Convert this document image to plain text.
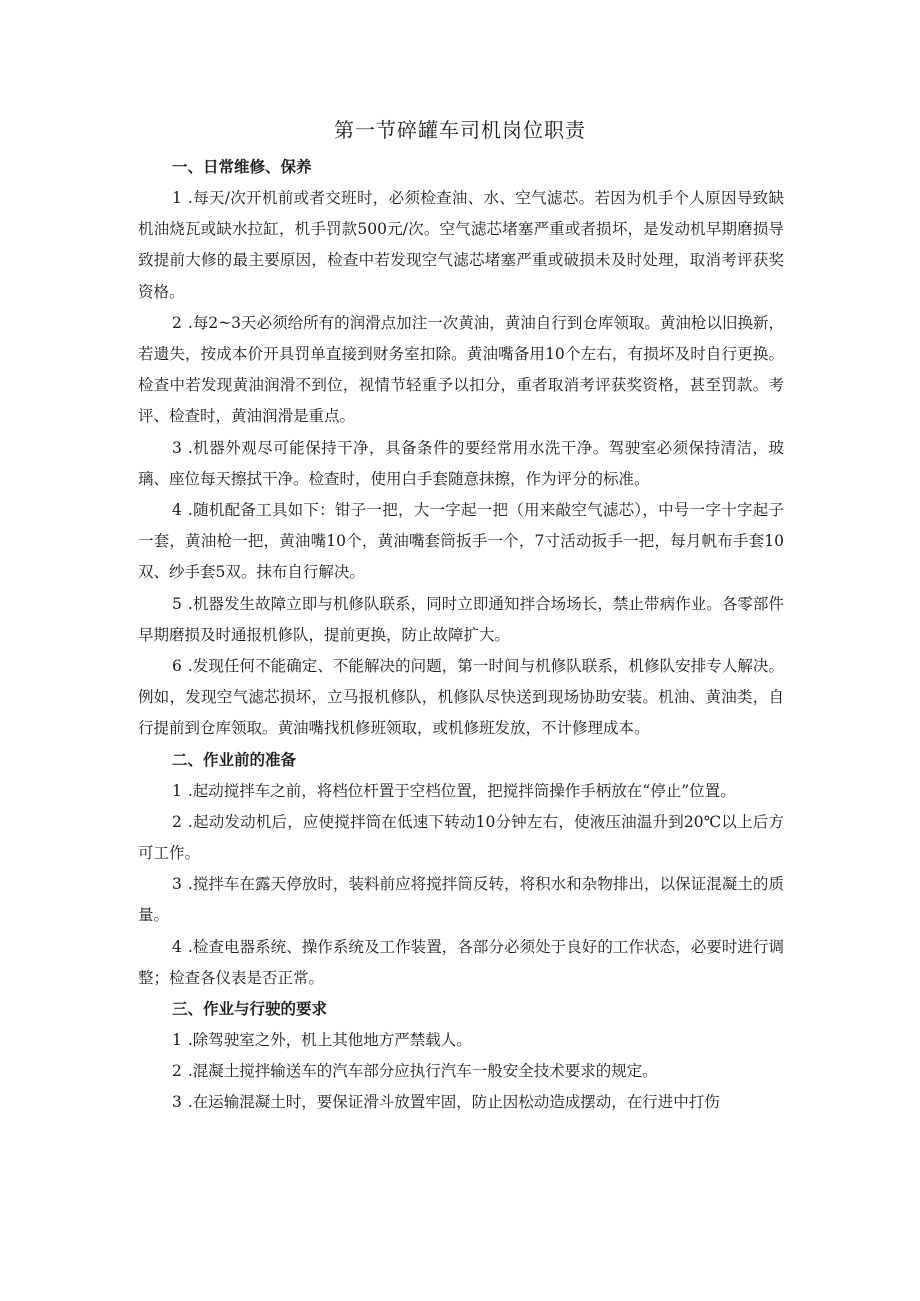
第一节碎罐车司机岗位职责

一、日常维修、保养

1 .每天/次开机前或者交班时，必须检查油、水、空气滤芯。若因为机手个人原因导致缺机油烧瓦或缺水拉缸，机手罚款500元/次。空气滤芯堵塞严重或者损坏，是发动机早期磨损导致提前大修的最主要原因，检查中若发现空气滤芯堵塞严重或破损未及时处理，取消考评获奖资格。

2 .每2~3天必须给所有的润滑点加注一次黄油，黄油自行到仓库领取。黄油枪以旧换新，若遗失，按成本价开具罚单直接到财务室扣除。黄油嘴备用10个左右，有损坏及时自行更换。检查中若发现黄油润滑不到位，视情节轻重予以扣分，重者取消考评获奖资格，甚至罚款。考评、检查时，黄油润滑是重点。

3 .机器外观尽可能保持干净，具备条件的要经常用水洗干净。驾驶室必须保持清洁，玻璃、座位每天擦拭干净。检查时，使用白手套随意抹擦，作为评分的标准。

4 .随机配备工具如下：钳子一把，大一字起一把（用来敲空气滤芯），中号一字十字起子一套，黄油枪一把，黄油嘴10个，黄油嘴套筒扳手一个，7寸活动扳手一把，每月帆布手套10双、纱手套5双。抹布自行解决。

5 .机器发生故障立即与机修队联系，同时立即通知拌合场场长，禁止带病作业。各零部件早期磨损及时通报机修队，提前更换，防止故障扩大。

6 .发现任何不能确定、不能解决的问题，第一时间与机修队联系，机修队安排专人解决。例如，发现空气滤芯损坏，立马报机修队，机修队尽快送到现场协助安装。机油、黄油类，自行提前到仓库领取。黄油嘴找机修班领取，或机修班发放，不计修理成本。

二、作业前的准备

1 .起动搅拌车之前，将档位杆置于空档位置，把搅拌筒操作手柄放在“停止”位置。

2 .起动发动机后，应使搅拌筒在低速下转动10分钟左右，使液压油温升到20℃以上后方可工作。

3 .搅拌车在露天停放时，装料前应将搅拌筒反转，将积水和杂物排出，以保证混凝土的质量。

4 .检查电器系统、操作系统及工作装置，各部分必须处于良好的工作状态，必要时进行调整；检查各仪表是否正常。

三、作业与行驶的要求

1 .除驾驶室之外，机上其他地方严禁载人。

2 .混凝土搅拌输送车的汽车部分应执行汽车一般安全技术要求的规定。

3 .在运输混凝土时，要保证滑斗放置牢固，防止因松动造成摆动，在行进中打伤
